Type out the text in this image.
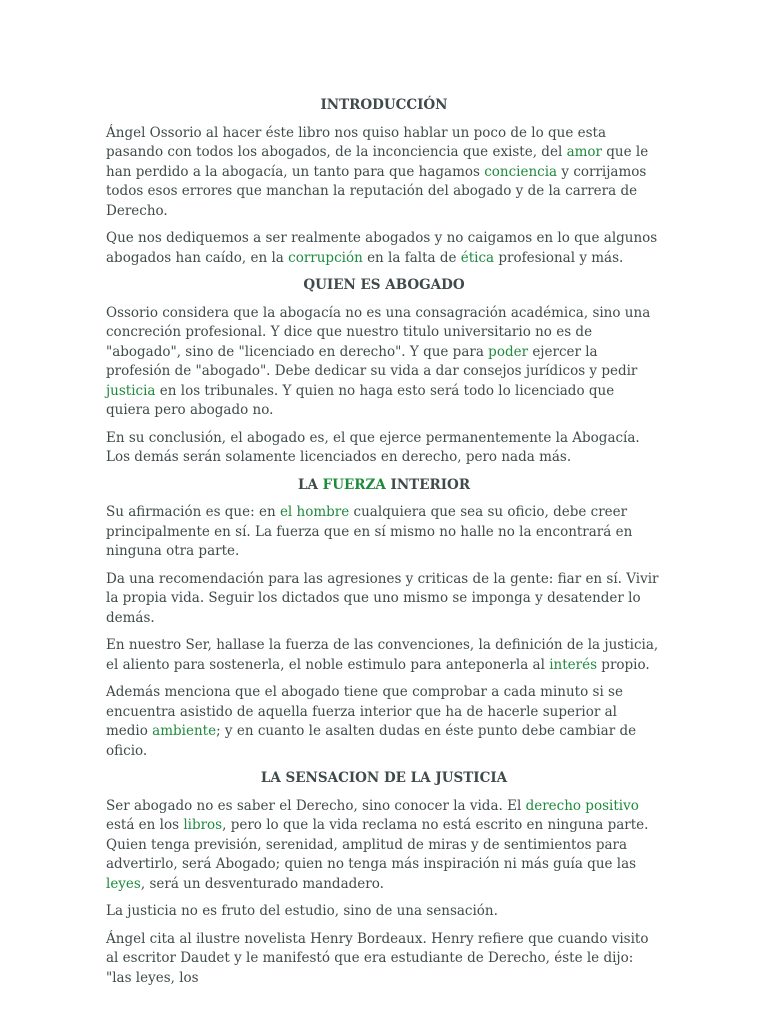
INTRODUCCIÓN

Ángel Ossorio al hacer éste libro nos quiso hablar un poco de lo que esta pasando con todos los abogados, de la inconciencia que existe, del amor que le han perdido a la abogacía, un tanto para que hagamos conciencia y corrijamos todos esos errores que manchan la reputación del abogado y de la carrera de Derecho.

Que nos dediquemos a ser realmente abogados y no caigamos en lo que algunos abogados han caído, en la corrupción en la falta de ética profesional y más.

QUIEN ES ABOGADO

Ossorio considera que la abogacía no es una consagración académica, sino una concreción profesional. Y dice que nuestro titulo universitario no es de "abogado", sino de "licenciado en derecho". Y que para poder ejercer la profesión de "abogado". Debe dedicar su vida a dar consejos jurídicos y pedir justicia en los tribunales. Y quien no haga esto será todo lo licenciado que quiera pero abogado no.

En su conclusión, el abogado es, el que ejerce permanentemente la Abogacía. Los demás serán solamente licenciados en derecho, pero nada más.

LA FUERZA INTERIOR

Su afirmación es que: en el hombre cualquiera que sea su oficio, debe creer principalmente en sí. La fuerza que en sí mismo no halle no la encontrará en ninguna otra parte.

Da una recomendación para las agresiones y criticas de la gente: fiar en sí. Vivir la propia vida. Seguir los dictados que uno mismo se imponga y desatender lo demás.

En nuestro Ser, hallase la fuerza de las convenciones, la definición de la justicia, el aliento para sostenerla, el noble estimulo para anteponerla al interés propio.

Además menciona que el abogado tiene que comprobar a cada minuto si se encuentra asistido de aquella fuerza interior que ha de hacerle superior al medio ambiente; y en cuanto le asalten dudas en éste punto debe cambiar de oficio.

LA SENSACION DE LA JUSTICIA

Ser abogado no es saber el Derecho, sino conocer la vida. El derecho positivo está en los libros, pero lo que la vida reclama no está escrito en ninguna parte. Quien tenga previsión, serenidad, amplitud de miras y de sentimientos para advertirlo, será Abogado; quien no tenga más inspiración ni más guía que las leyes, será un desventurado mandadero.

La justicia no es fruto del estudio, sino de una sensación.

Ángel cita al ilustre novelista Henry Bordeaux. Henry refiere que cuando visito al escritor Daudet y le manifestó que era estudiante de Derecho, éste le dijo: "las leyes, los
